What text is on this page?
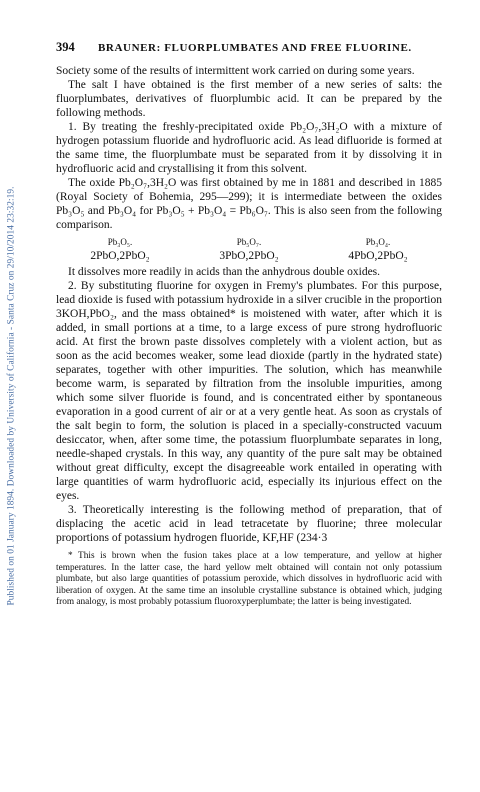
Published on 01 January 1894. Downloaded by University of California - Santa Cruz on 29/10/2014 23:32:19.
394	BRAUNER: FLUORPLUMBATES AND FREE FLUORINE.

Society some of the results of intermittent work carried on during some years.

The salt I have obtained is the first member of a new series of salts: the fluorplumbates, derivatives of fluorplumbic acid. It can be prepared by the following methods.

1. By treating the freshly-precipitated oxide Pb₂O₇,3H₂O with a mixture of hydrogen potassium fluoride and hydrofluoric acid. As lead difluoride is formed at the same time, the fluorplumbate must be separated from it by dissolving it in hydrofluoric acid and crystallising it from this solvent.

The oxide Pb₂O₇,3H₂O was first obtained by me in 1881 and described in 1885 (Royal Society of Bohemia, 295—299); it is intermediate between the oxides Pb₃O₅ and Pb₃O₄ for Pb₃O₅ + Pb₃O₄ = Pb₆O₇. This is also seen from the following comparison.

Pb₃O₅.
2PbO,2PbO₂
Pb₅O₇.
3PbO,2PbO₂
Pb₃O₄.
4PbO,2PbO₂

It dissolves more readily in acids than the anhydrous double oxides.

2. By substituting fluorine for oxygen in Fremy's plumbates. For this purpose, lead dioxide is fused with potassium hydroxide in a silver crucible in the proportion 3KOH,PbO₂, and the mass obtained* is moistened with water, after which it is added, in small portions at a time, to a large excess of pure strong hydrofluoric acid. At first the brown paste dissolves completely with a violent action, but as soon as the acid becomes weaker, some lead dioxide (partly in the hydrated state) separates, together with other impurities. The solution, which has meanwhile become warm, is separated by filtration from the insoluble impurities, among which some silver fluoride is found, and is concentrated either by spontaneous evaporation in a good current of air or at a very gentle heat. As soon as crystals of the salt begin to form, the solution is placed in a specially-constructed vacuum desiccator, when, after some time, the potassium fluorplumbate separates in long, needle-shaped crystals. In this way, any quantity of the pure salt may be obtained without great difficulty, except the disagreeable work entailed in operating with large quantities of warm hydrofluoric acid, especially its injurious effect on the eyes.

3. Theoretically interesting is the following method of preparation, that of displacing the acetic acid in lead tetracetate by fluorine; three molecular proportions of potassium hydrogen fluoride, KF,HF (234·3

* This is brown when the fusion takes place at a low temperature, and yellow at higher temperatures. In the latter case, the hard yellow melt obtained will contain not only potassium plumbate, but also large quantities of potassium peroxide, which dissolves in hydrofluoric acid with liberation of oxygen. At the same time an insoluble crystalline substance is obtained which, judging from analogy, is most probably potassium fluoroxyperplumbate; the latter is being investigated.
